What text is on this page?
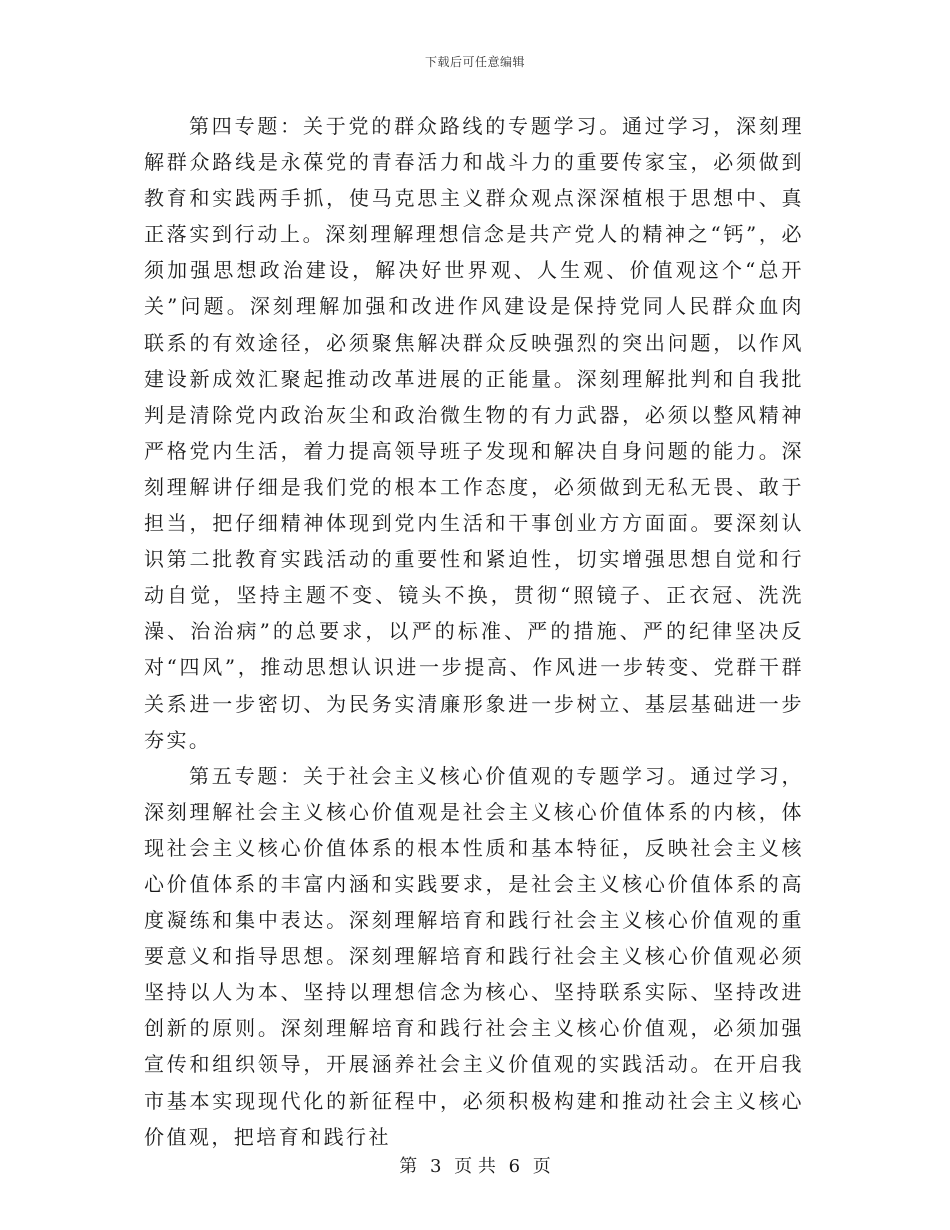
下载后可任意编辑

第四专题：关于党的群众路线的专题学习。通过学习，深刻理解群众路线是永葆党的青春活力和战斗力的重要传家宝，必须做到教育和实践两手抓，使马克思主义群众观点深深植根于思想中、真正落实到行动上。深刻理解理想信念是共产党人的精神之“钙”，必须加强思想政治建设，解决好世界观、人生观、价值观这个“总开关”问题。深刻理解加强和改进作风建设是保持党同人民群众血肉联系的有效途径，必须聚焦解决群众反映强烈的突出问题，以作风建设新成效汇聚起推动改革进展的正能量。深刻理解批判和自我批判是清除党内政治灰尘和政治微生物的有力武器，必须以整风精神严格党内生活，着力提高领导班子发现和解决自身问题的能力。深刻理解讲仔细是我们党的根本工作态度，必须做到无私无畏、敢于担当，把仔细精神体现到党内生活和干事创业方方面面。要深刻认识第二批教育实践活动的重要性和紧迫性，切实增强思想自觉和行动自觉，坚持主题不变、镜头不换，贯彻“照镜子、正衣冠、洗洗澡、治治病”的总要求，以严的标准、严的措施、严的纪律坚决反对“四风”，推动思想认识进一步提高、作风进一步转变、党群干群关系进一步密切、为民务实清廉形象进一步树立、基层基础进一步夯实。

第五专题：关于社会主义核心价值观的专题学习。通过学习，深刻理解社会主义核心价值观是社会主义核心价值体系的内核，体现社会主义核心价值体系的根本性质和基本特征，反映社会主义核心价值体系的丰富内涵和实践要求，是社会主义核心价值体系的高度凝练和集中表达。深刻理解培育和践行社会主义核心价值观的重要意义和指导思想。深刻理解培育和践行社会主义核心价值观必须坚持以人为本、坚持以理想信念为核心、坚持联系实际、坚持改进创新的原则。深刻理解培育和践行社会主义核心价值观，必须加强宣传和组织领导，开展涵养社会主义价值观的实践活动。在开启我市基本实现现代化的新征程中，必须积极构建和推动社会主义核心价值观，把培育和践行社

第 3 页 共 6 页
